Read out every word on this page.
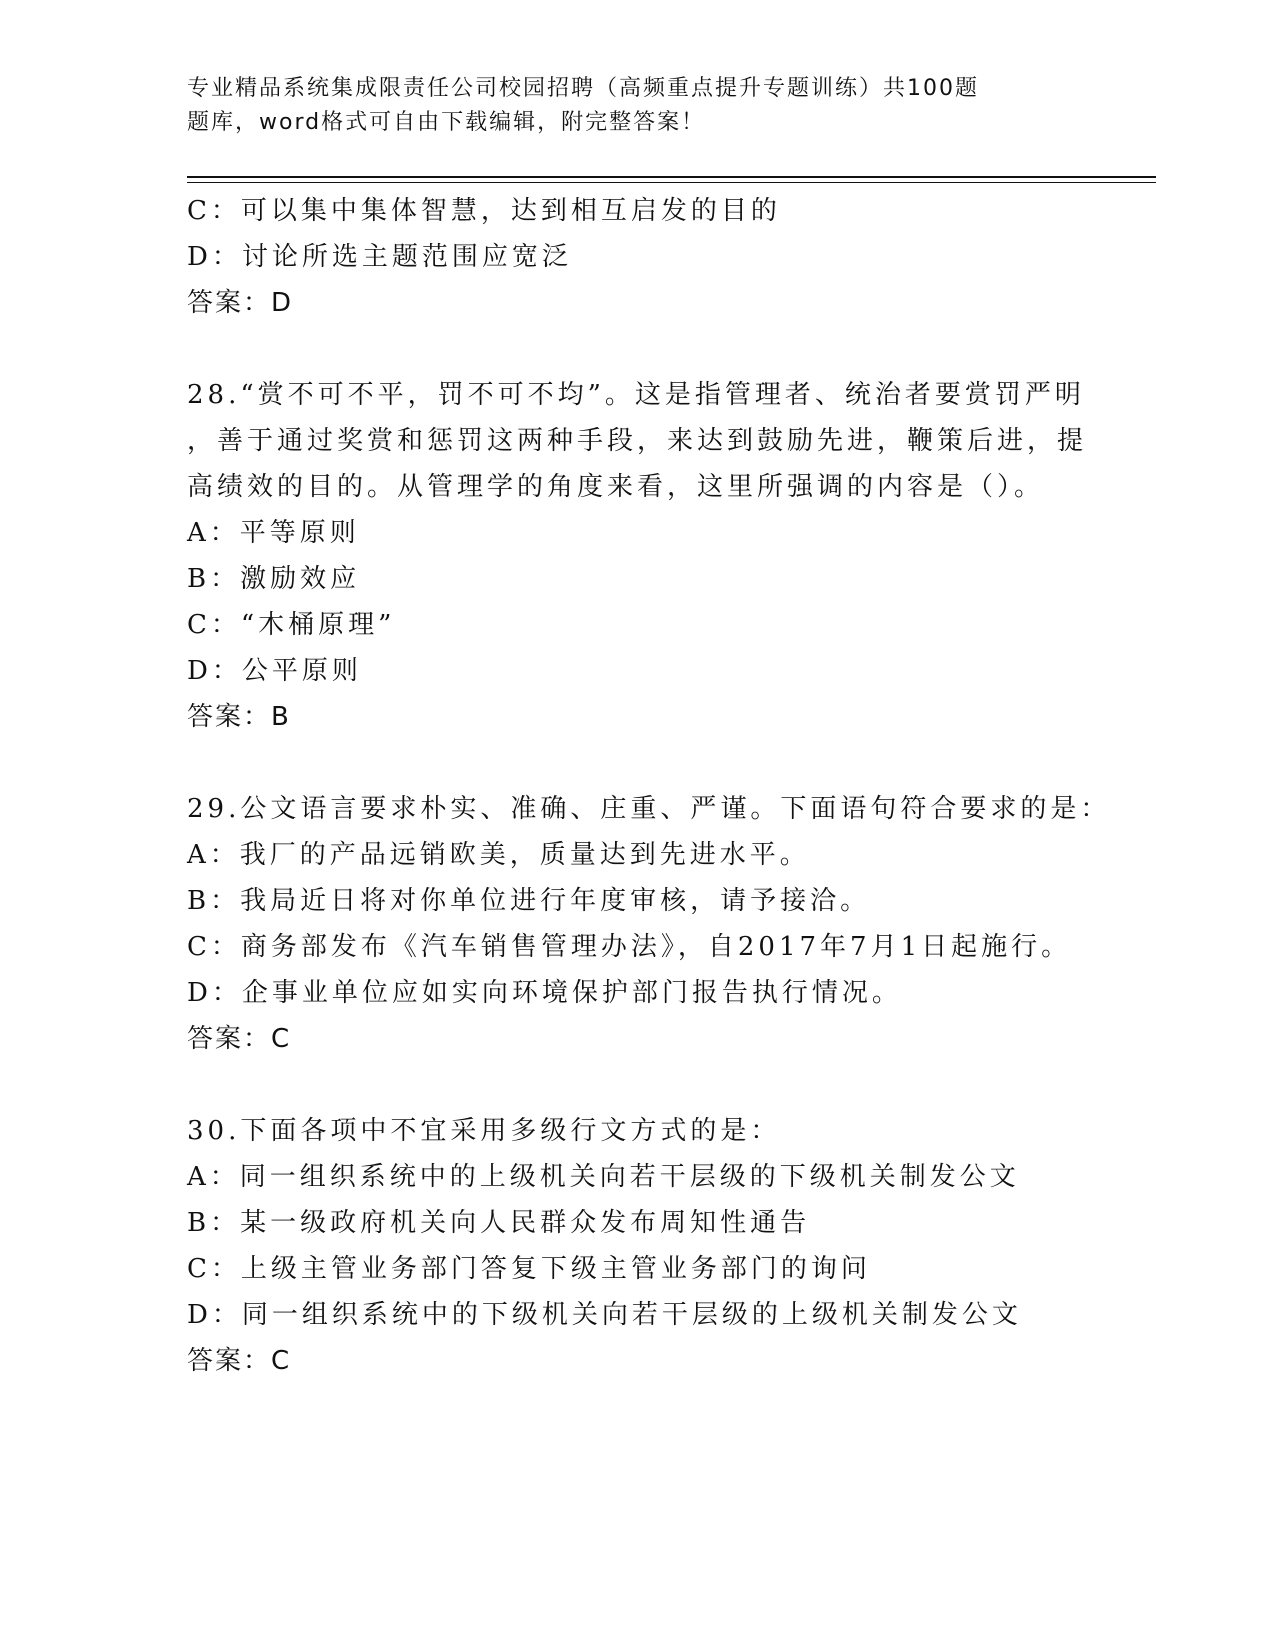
专业精品系统集成限责任公司校园招聘（高频重点提升专题训练）共100题
题库，word格式可自由下载编辑，附完整答案！
C：可以集中集体智慧，达到相互启发的目的
D：讨论所选主题范围应宽泛
答案：D
28.“赏不可不平，罚不可不均”。这是指管理者、统治者要赏罚严明
，善于通过奖赏和惩罚这两种手段，来达到鼓励先进，鞭策后进，提
高绩效的目的。从管理学的角度来看，这里所强调的内容是（）。
A：平等原则
B：激励效应
C：“木桶原理”
D：公平原则
答案：B
29.公文语言要求朴实、准确、庄重、严谨。下面语句符合要求的是：
A：我厂的产品远销欧美，质量达到先进水平。
B：我局近日将对你单位进行年度审核，请予接洽。
C：商务部发布《汽车销售管理办法》，自2017年7月1日起施行。
D：企事业单位应如实向环境保护部门报告执行情况。
答案：C
30.下面各项中不宜采用多级行文方式的是：
A：同一组织系统中的上级机关向若干层级的下级机关制发公文
B：某一级政府机关向人民群众发布周知性通告
C：上级主管业务部门答复下级主管业务部门的询问
D：同一组织系统中的下级机关向若干层级的上级机关制发公文
答案：C
